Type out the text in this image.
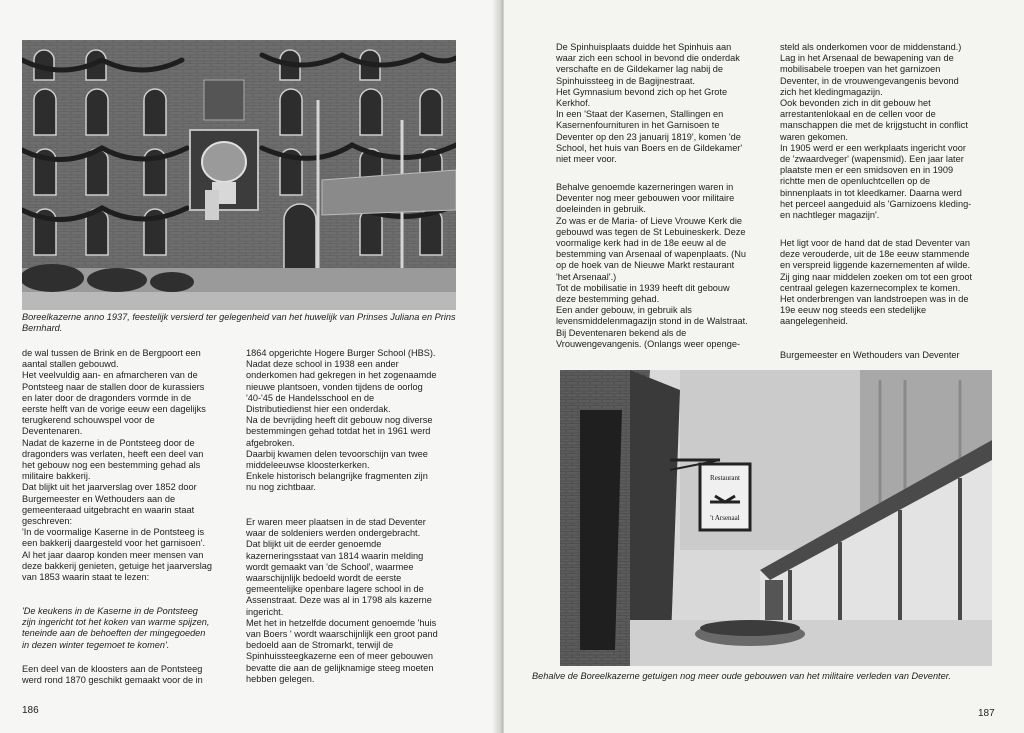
Boreelkazerne anno 1937, feestelijk versierd ter gelegenheid van het huwelijk van Prinses Juliana en Prins Bernhard.
de wal tussen de Brink en de Bergpoort een
aantal stallen gebouwd.
Het veelvuldig aan- en afmarcheren van de
Pontsteeg naar de stallen door de kurassiers
en later door de dragonders vormde in de
eerste helft van de vorige eeuw een dagelijks
terugkerend schouwspel voor de
Deventenaren.
Nadat de kazerne in de Pontsteeg door de
dragonders was verlaten, heeft een deel van
het gebouw nog een bestemming gehad als
militaire bakkerij.
Dat blijkt uit het jaarverslag over 1852 door
Burgemeester en Wethouders aan de
gemeenteraad uitgebracht en waarin staat
geschreven:
'In de voormalige Kaserne in de Pontsteeg is
een bakkerij daargesteld voor het garnisoen'.
Al het jaar daarop konden meer mensen van
deze bakkerij genieten, getuige het jaarverslag
van 1853 waarin staat te lezen:
'De keukens in de Kaserne in de Pontsteeg
zijn ingericht tot het koken van warme spijzen,
teneinde aan de behoeften der mingegoeden
in dezen winter tegemoet te komen'.
Een deel van de kloosters aan de Pontsteeg
werd rond 1870 geschikt gemaakt voor de in
1864 opgerichte Hogere Burger School (HBS).
Nadat deze school in 1938 een ander
onderkomen had gekregen in het zogenaamde
nieuwe plantsoen, vonden tijdens de oorlog
'40-'45 de Handelsschool en de
Distributiedienst hier een onderdak.
Na de bevrijding heeft dit gebouw nog diverse
bestemmingen gehad totdat het in 1961 werd
afgebroken.
Daarbij kwamen delen tevoorschijn van twee
middeleeuwse kloosterkerken.
Enkele historisch belangrijke fragmenten zijn
nu nog zichtbaar.
Er waren meer plaatsen in de stad Deventer
waar de soldeniers werden ondergebracht.
Dat blijkt uit de eerder genoemde
kazerneringsstaat van 1814 waarin melding
wordt gemaakt van 'de School', waarmee
waarschijnlijk bedoeld wordt de eerste
gemeentelijke openbare lagere school in de
Assenstraat. Deze was al in 1798 als kazerne
ingericht.
Met het in hetzelfde document genoemde 'huis
van Boers ' wordt waarschijnlijk een groot pand
bedoeld aan de Stromarkt, terwijl de
Spinhuissteegkazerne een of meer gebouwen
bevatte die aan de gelijknamige steeg moeten
hebben gelegen.
186
De Spinhuisplaats duidde het Spinhuis aan
waar zich een school in bevond die onderdak
verschafte en de Gildekamer lag nabij de
Spinhuissteeg in de Bagijnestraat.
Het Gymnasium bevond zich op het Grote
Kerkhof.
In een 'Staat der Kasernen, Stallingen en
Kasernenfournituren in het Garnisoen te
Deventer op den 23 januarij 1819', komen 'de
School, het huis van Boers en de Gildekamer'
niet meer voor.
Behalve genoemde kazerneringen waren in
Deventer nog meer gebouwen voor militaire
doeleinden in gebruik.
Zo was er de Maria- of Lieve Vrouwe Kerk die
gebouwd was tegen de St Lebuineskerk. Deze
voormalige kerk had in de 18e eeuw al de
bestemming van Arsenaal of wapenplaats. (Nu
op de hoek van de Nieuwe Markt restaurant
'het Arsenaal'.)
Tot de mobilisatie in 1939 heeft dit gebouw
deze bestemming gehad.
Een ander gebouw, in gebruik als
levensmiddelenmagazijn stond in de Walstraat.
Bij Deventenaren bekend als de
Vrouwengevangenis. (Onlangs weer openge-
steld als onderkomen voor de middenstand.)
Lag in het Arsenaal de bewapening van de
mobilisabele troepen van het garnizoen
Deventer, in de vrouwengevangenis bevond
zich het kledingmagazijn.
Ook bevonden zich in dit gebouw het
arrestantenlokaal en de cellen voor de
manschappen die met de krijgstucht in conflict
waren gekomen.
In 1905 werd er een werkplaats ingericht voor
de 'zwaardveger' (wapensmid). Een jaar later
plaatste men er een smidsoven en in 1909
richtte men de openluchtcellen op de
binnenplaats in tot kleedkamer. Daarna werd
het perceel aangeduid als 'Garnizoens kleding-
en nachtleger magazijn'.
Het ligt voor de hand dat de stad Deventer van
deze verouderde, uit de 18e eeuw stammende
en verspreid liggende kazernementen af wilde.
Zij ging naar middelen zoeken om tot een groot
centraal gelegen kazernecomplex te komen.
Het onderbrengen van landstroepen was in de
19e eeuw nog steeds een stedelijke
aangelegenheid.
Burgemeester en Wethouders van Deventer
Restaurant
't Arsenaal
Behalve de Boreelkazerne getuigen nog meer oude gebouwen van het militaire verleden van Deventer.
187
